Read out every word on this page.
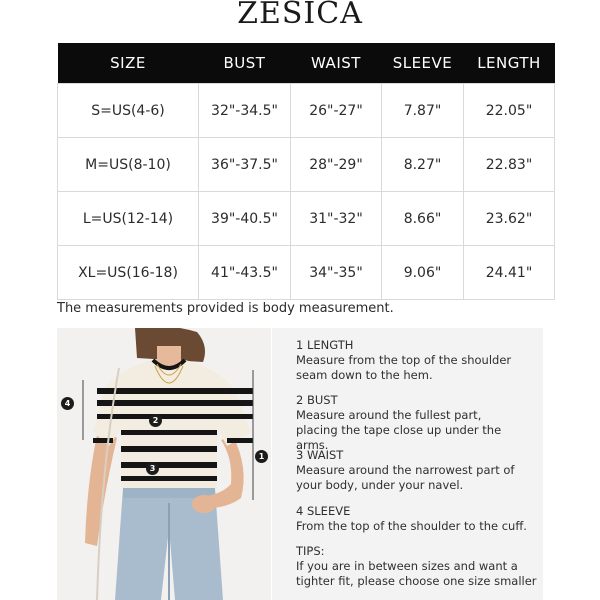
ZESICA
SIZE	BUST	WAIST	SLEEVE	LENGTH
S=US(4-6)	32"-34.5"	26"-27"	7.87"	22.05"
M=US(8-10)	36"-37.5"	28"-29"	8.27"	22.83"
L=US(12-14)	39"-40.5"	31"-32"	8.66"	23.62"
XL=US(16-18)	41"-43.5"	34"-35"	9.06"	24.41"
The measurements provided is body measurement.
4
2
3
1
1 LENGTH
Measure from the top of the shoulder seam down to the hem.
2 BUST
Measure around the fullest part, placing the tape close up under the arms.
3 WAIST
Measure around the narrowest part of your body, under your navel.
4 SLEEVE
From the top of the shoulder to the cuff.
TIPS:
If you are in between sizes and want a tighter fit, please choose one size smaller
